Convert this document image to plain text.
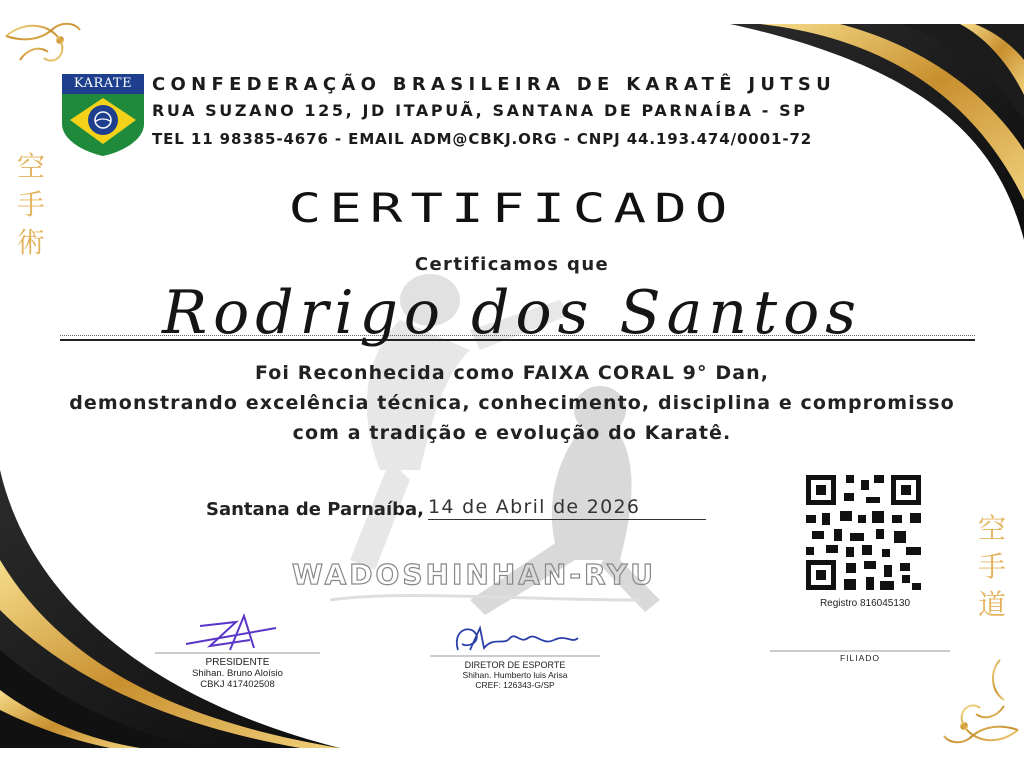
CONFEDERAÇÃO BRASILEIRA DE KARATÊ JUTSU
RUA SUZANO 125, JD ITAPUÃ, SANTANA DE PARNAÍBA - SP
TEL 11 98385-4676 - EMAIL ADM@CBKJ.ORG - CNPJ 44.193.474/0001-72
KARATE
空
手
術
空
手
道
CERTIFICADO
Certificamos que
Rodrigo dos Santos
Foi Reconhecida como FAIXA CORAL 9° Dan,
demonstrando excelência técnica, conhecimento, disciplina e compromisso
com a tradição e evolução do Karatê.
Santana de Parnaíba, 14 de Abril de 2026
WADOSHINHAN-RYU
Registro 816045130
PRESIDENTE
Shihan. Bruno Aloísio
CBKJ 417402508
DIRETOR DE ESPORTE
Shihan. Humberto luis Arisa
CREF: 126343-G/SP
FILIADO
